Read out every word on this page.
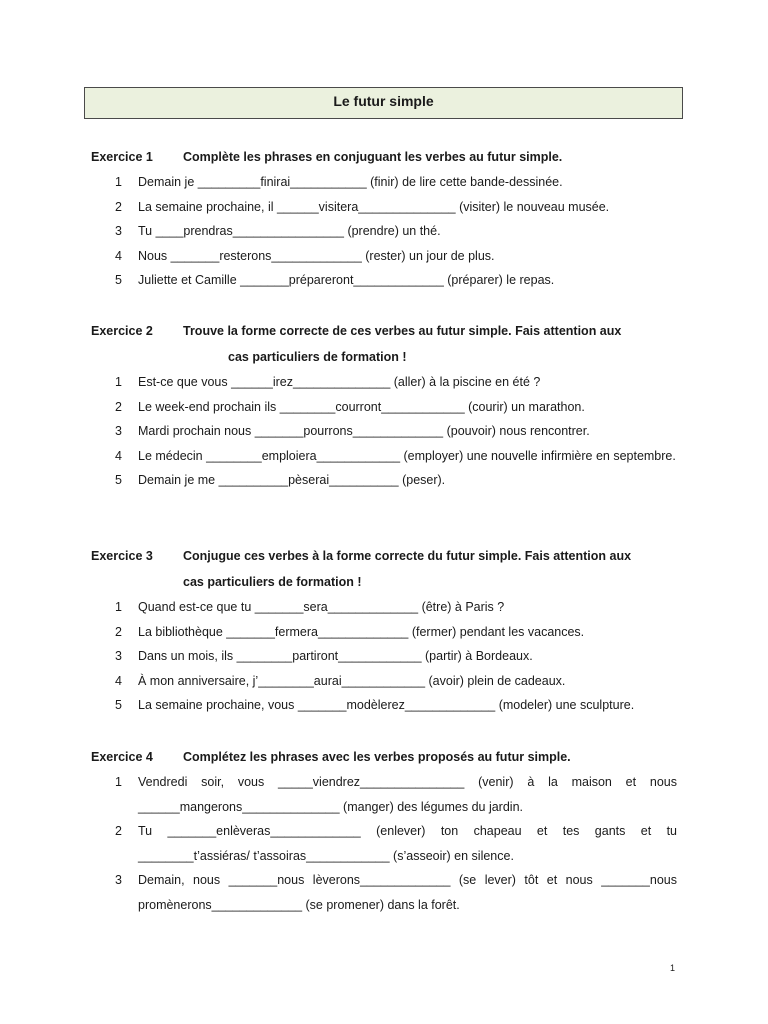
Le futur simple
Exercice 1	Complète les phrases en conjuguant les verbes au futur simple.
1	Demain je _________finirai___________ (finir) de lire cette bande-dessinée.
2	La semaine prochaine, il ______visitera______________ (visiter) le nouveau musée.
3	Tu ____prendras________________ (prendre) un thé.
4	Nous _______resterons_____________ (rester) un jour de plus.
5	Juliette et Camille _______prépareront_____________ (préparer) le repas.
Exercice 2	Trouve la forme correcte de ces verbes au futur simple. Fais attention aux
cas particuliers de formation !
1	Est-ce que vous ______irez______________ (aller) à la piscine en été ?
2	Le week-end prochain ils ________courront____________ (courir) un marathon.
3	Mardi prochain nous _______pourrons_____________ (pouvoir) nous rencontrer.
4	Le médecin ________emploiera____________ (employer) une nouvelle infirmière en septembre.
5	Demain je me __________pèserai__________ (peser).
Exercice 3	Conjugue ces verbes à la forme correcte du futur simple. Fais attention aux
cas particuliers de formation !
1	Quand est-ce que tu _______sera_____________ (être) à Paris ?
2	La bibliothèque _______fermera_____________ (fermer) pendant les vacances.
3	Dans un mois, ils ________partiront____________ (partir) à Bordeaux.
4	À mon anniversaire, j’________aurai____________ (avoir) plein de cadeaux.
5	La semaine prochaine, vous _______modèlerez_____________ (modeler) une sculpture.
Exercice 4	Complétez les phrases avec les verbes proposés au futur simple.
1	Vendredi soir, vous _____viendrez_______________ (venir) à la maison et nous ______mangerons______________ (manger) des légumes du jardin.
2	Tu _______enlèveras_____________ (enlever) ton chapeau et tes gants et tu ________t’assiéras/ t’assoiras____________ (s’asseoir) en silence.
3	Demain, nous _______nous lèverons_____________ (se lever) tôt et nous _______nous promènerons_____________ (se promener) dans la forêt.
1
